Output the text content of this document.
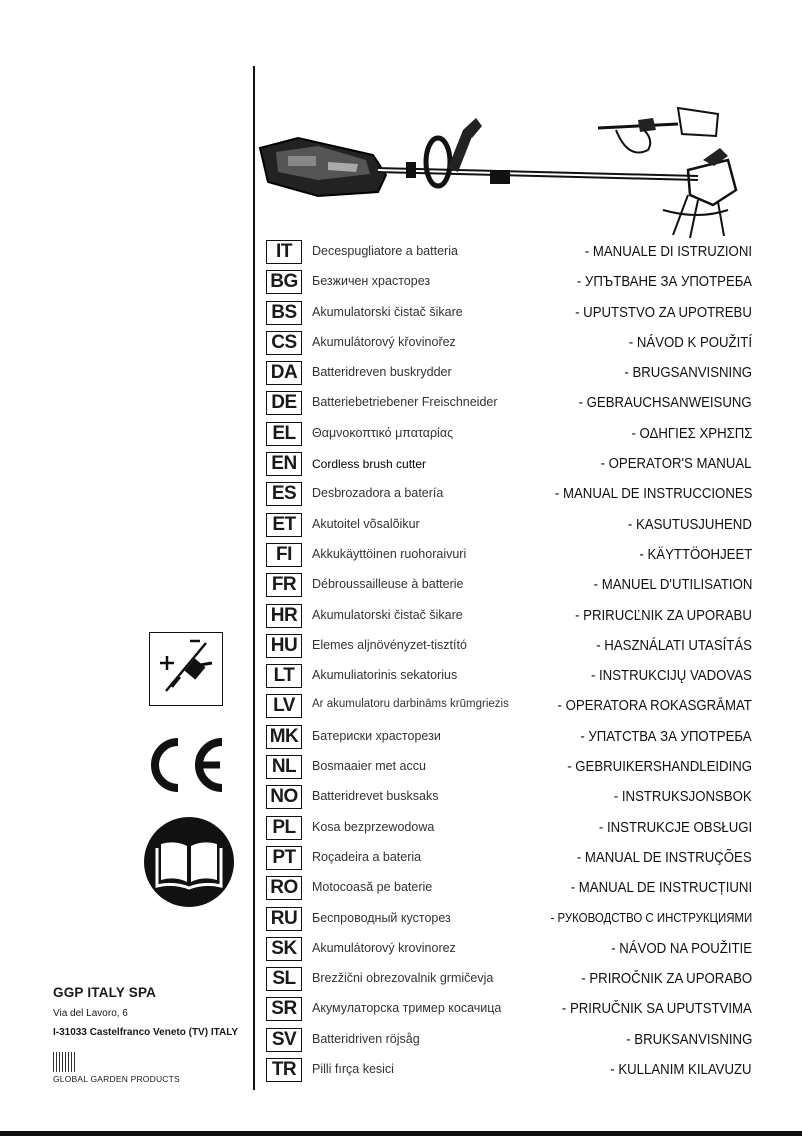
IT	Decespugliatore a batteria	- MANUALE DI ISTRUZIONI
BG	Безжичен храсторез	- УПЪТВАНЕ ЗА УПОТРЕБА
BS	Akumulatorski čistač šikare	- UPUTSTVO ZA UPOTREBU
CS	Akumulátorový křovinořez	- NÁVOD K POUŽITÍ
DA	Batteridreven buskrydder	- BRUGSANVISNING
DE	Batteriebetriebener Freischneider	- GEBRAUCHSANWEISUNG
EL	Θαμνοκοπτικό μπαταρίας	- ΟΔΗΓΙΕΣ ΧΡΗΣΠΣ
EN	Cordless brush cutter	- OPERATOR'S MANUAL
ES	Desbrozadora a batería	- MANUAL DE INSTRUCCIONES
ET	Akutoitel võsalõikur	- KASUTUSJUHEND
FI	Akkukäyttöinen ruohoraivuri	- KÄYTTÖOHJEET
FR	Débroussailleuse à batterie	- MANUEL D'UTILISATION
HR	Akumulatorski čistač šikare	- PRIRUCĽNIK ZA UPORABU
HU	Elemes aljnövényzet-tisztító	- HASZNÁLATI UTASÍTÁS
LT	Akumuliatorinis sekatorius	- INSTRUKCIJŲ VADOVAS
LV	Ar akumulatoru darbināms krūmgriezis	- OPERATORA ROKASGRĀMAT
MK Батериски храсторези	- УПАТСТВА ЗА УПОТРЕБА
NL	Bosmaaier met accu	- GEBRUIKERSHANDLEIDING
NO	Batteridrevet busksaks	- INSTRUKSJONSBOK
PL	Kosa bezprzewodowa	- INSTRUKCJE OBSŁUGI
PT	Roçadeira a bateria	- MANUAL DE INSTRUÇÕES
RO	Motocoasă pe baterie	- MANUAL DE INSTRUCȚIUNI
RU	Беспроводный кусторез	- РУКОВОДСТВО С ИНСТРУКЦИЯМИ
SK	Akumulátorový krovinorez	- NÁVOD NA POUŽITIE
SL	Brezžični obrezovalnik grmičevja	- PRIROČNIK ZA UPORABO
SR	Акумулаторска тример косачица	- PRIRUČNIK SA UPUTSTVIMA
SV	Batteridriven röjsåg	- BRUKSANVISNING
TR	Pilli fırça kesici	- KULLANIM KILAVUZU
GGP ITALY SPA
Via del Lavoro, 6
I-31033 Castelfranco Veneto (TV) ITALY
GLOBAL GARDEN PRODUCTS
